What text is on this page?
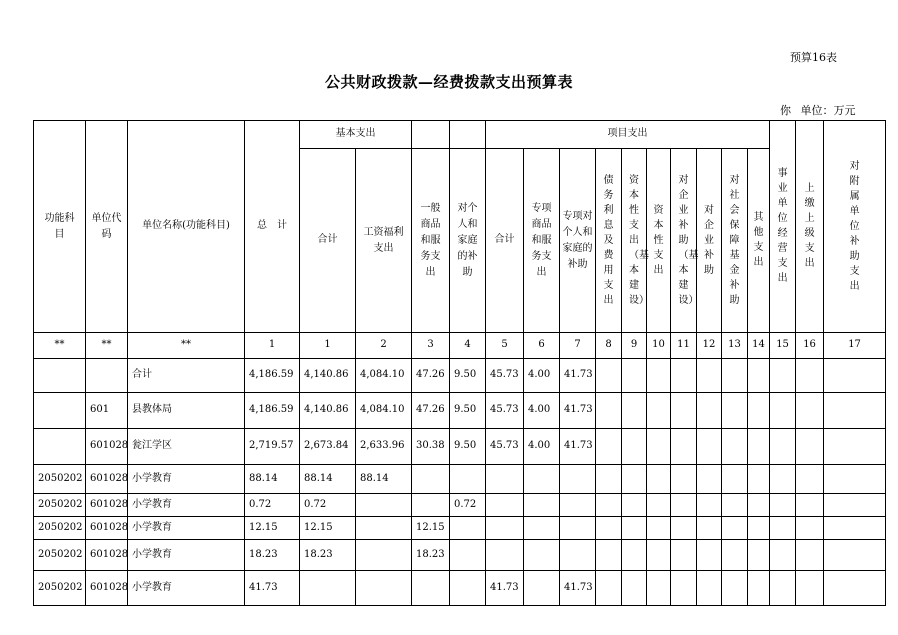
预算16表
公共财政拨款—经费拨款支出预算表
你 单位：万元
功能科目	单位代码	单位名称(功能科目)	总　计	基本支出				项目支出										事业单位经营支出	上缴上级支出	对附属单位补助支出
				合计	工资福利支出	一般商品和服务支出	对个人和家庭的补助	合计	专项商品和服务支出	专项对个人和家庭的补助	债务利息及费用支出	资本性支出（基本建设）	资本性支出	对企业补助（基本建设）	对企业补助	对社会保障基金补助	其他支出			
**	**	**	1	1	2	3	4	5	6	7	8	9	10	11	12	13	14	15	16	17
		合计	4,186.59	4,140.86	4,084.10	47.26	9.50	45.73	4.00	41.73										
	601	县教体局	4,186.59	4,140.86	4,084.10	47.26	9.50	45.73	4.00	41.73										
	601028	瓮江学区	2,719.57	2,673.84	2,633.96	30.38	9.50	45.73	4.00	41.73										
2050202	601028	小学教育	88.14	88.14	88.14															
2050202	601028	小学教育	0.72	0.72			0.72													
2050202	601028	小学教育	12.15	12.15		12.15														
2050202	601028	小学教育	18.23	18.23		18.23														
2050202	601028	小学教育	41.73					41.73		41.73										
